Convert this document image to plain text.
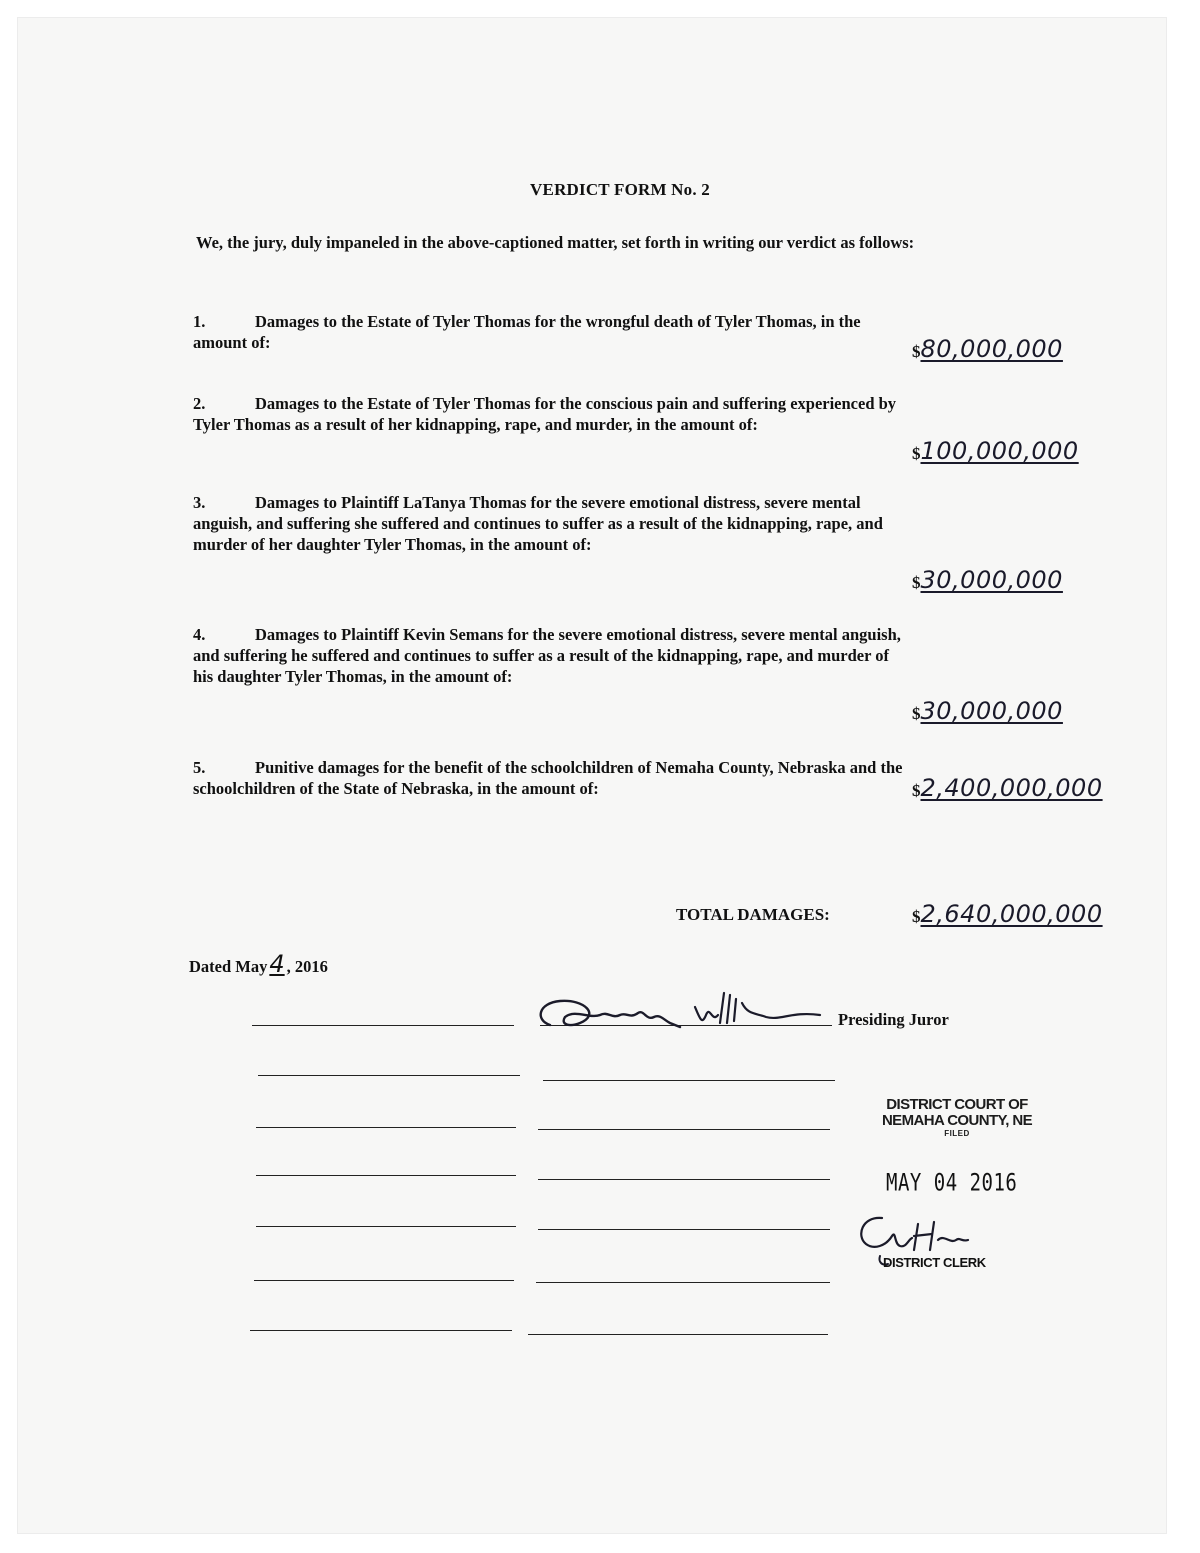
VERDICT FORM No. 2
We, the jury, duly impaneled in the above-captioned matter, set forth in writing our verdict as follows:
1.	Damages to the Estate of Tyler Thomas for the wrongful death of Tyler Thomas, in the amount of:	$80,000,000
2.	Damages to the Estate of Tyler Thomas for the conscious pain and suffering experienced by Tyler Thomas as a result of her kidnapping, rape, and murder, in the amount of:
$100,000,000
3.	Damages to Plaintiff LaTanya Thomas for the severe emotional distress, severe mental anguish, and suffering she suffered and continues to suffer as a result of the kidnapping, rape, and murder of her daughter Tyler Thomas, in the amount of:
$30,000,000
4.	Damages to Plaintiff Kevin Semans for the severe emotional distress, severe mental anguish, and suffering he suffered and continues to suffer as a result of the kidnapping, rape, and murder of his daughter Tyler Thomas, in the amount of:
$30,000,000
5.	Punitive damages for the benefit of the schoolchildren of Nemaha County, Nebraska and the schoolchildren of the State of Nebraska, in the amount of:	$2,400,000,000
TOTAL DAMAGES:	$2,640,000,000
Dated May4 , 2016
Presiding Juror
DISTRICT COURT OF
NEMAHA COUNTY, NE
FILED
MAY 04 2016
DISTRICT CLERK
